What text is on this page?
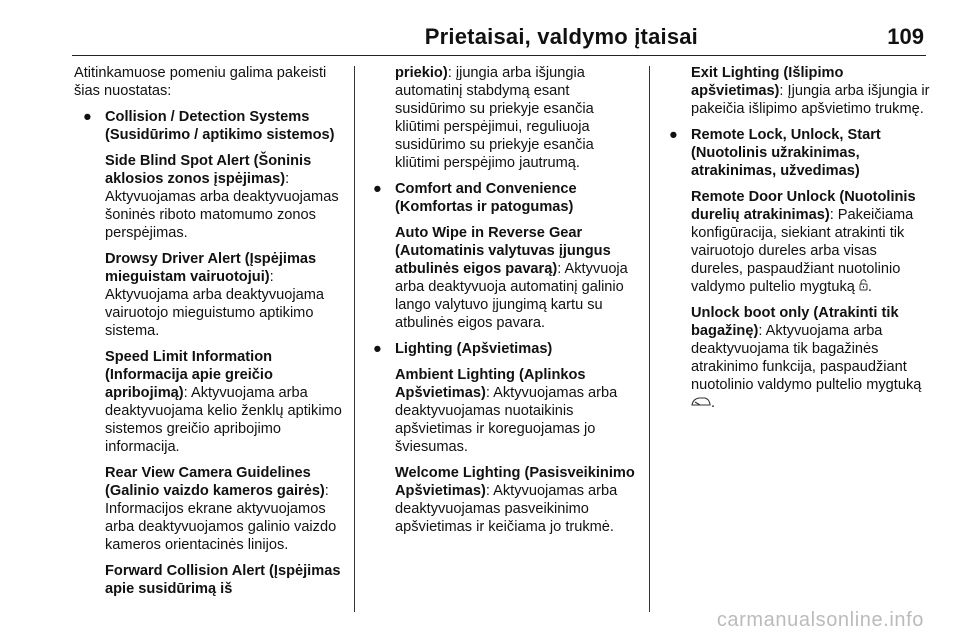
Prietaisai, valdymo įtaisai	109

Atitinkamuose pomeniu galima pakeisti šias nuostatas:

● Collision / Detection Systems (Susidūrimo / aptikimo sistemos)
Side Blind Spot Alert (Šoninis aklosios zonos įspėjimas): Aktyvuojamas arba deaktyvuojamas šoninės riboto matomumo zonos perspėjimas.
Drowsy Driver Alert (Įspėjimas mieguistam vairuotojui): Aktyvuojama arba deaktyvuojama vairuotojo mieguistumo aptikimo sistema.
Speed Limit Information (Informacija apie greičio apribojimą): Aktyvuojama arba deaktyvuojama kelio ženklų aptikimo sistemos greičio apribojimo informacija.
Rear View Camera Guidelines (Galinio vaizdo kameros gairės): Informacijos ekrane aktyvuojamos arba deaktyvuojamos galinio vaizdo kameros orientacinės linijos.
Forward Collision Alert (Įspėjimas apie susidūrimą iš
priekio): įjungia arba išjungia automatinį stabdymą esant susidūrimo su priekyje esančia kliūtimi perspėjimui, reguliuoja susidūrimo su priekyje esančia kliūtimi perspėjimo jautrumą.
● Comfort and Convenience (Komfortas ir patogumas)
Auto Wipe in Reverse Gear (Automatinis valytuvas įjungus atbulinės eigos pavarą): Aktyvuoja arba deaktyvuoja automatinį galinio lango valytuvo įjungimą kartu su atbulinės eigos pavara.
● Lighting (Apšvietimas)
Ambient Lighting (Aplinkos Apšvietimas): Aktyvuojamas arba deaktyvuojamas nuotaikinis apšvietimas ir koreguojamas jo šviesumas.
Welcome Lighting (Pasisveikinimo Apšvietimas): Aktyvuojamas arba deaktyvuojamas pasveikinimo apšvietimas ir keičiama jo trukmė.
Exit Lighting (Išlipimo apšvietimas): Įjungia arba išjungia ir pakeičia išlipimo apšvietimo trukmę.
● Remote Lock, Unlock, Start (Nuotolinis užrakinimas, atrakinimas, užvedimas)
Remote Door Unlock (Nuotolinis durelių atrakinimas): Pakeičiama konfigūracija, siekiant atrakinti tik vairuotojo dureles arba visas dureles, paspaudžiant nuotolinio valdymo pultelio mygtuką .
Unlock boot only (Atrakinti tik bagažinę): Aktyvuojama arba deaktyvuojama tik bagažinės atrakinimo funkcija, paspaudžiant nuotolinio valdymo pultelio mygtuką .
carmanualsonline.info
